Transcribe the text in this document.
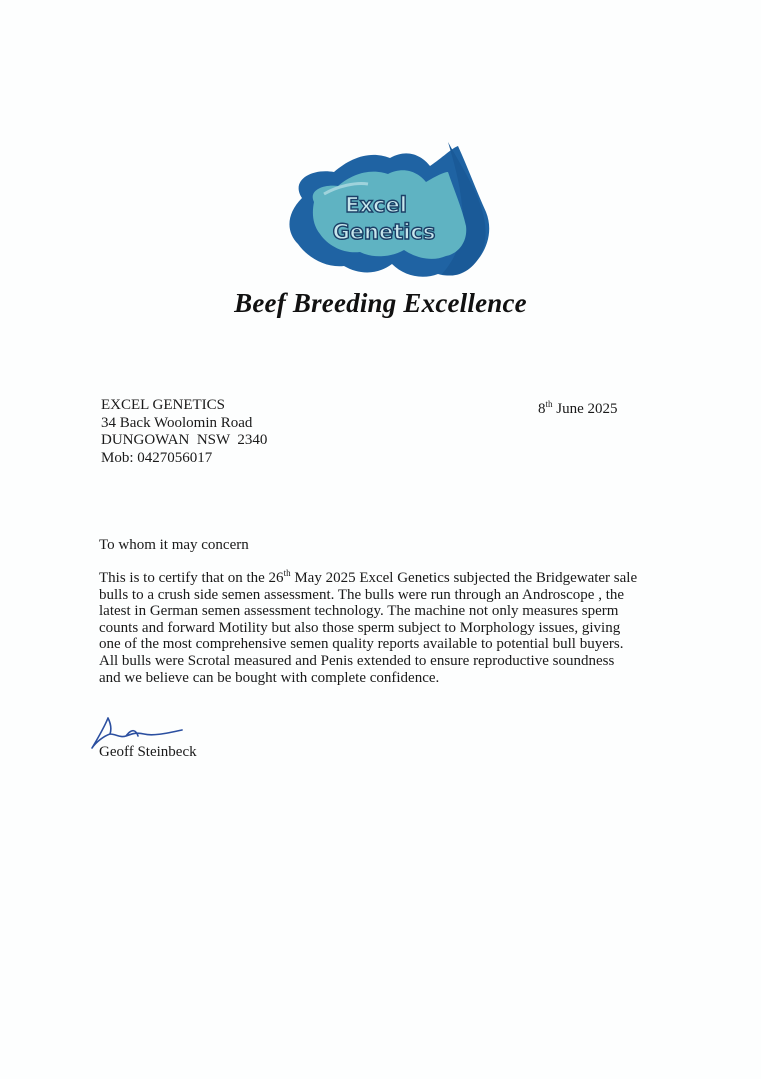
Excel
Genetics
Beef Breeding Excellence
EXCEL GENETICS
34 Back Woolomin Road
DUNGOWAN  NSW  2340
Mob: 0427056017
8th June 2025
To whom it may concern
This is to certify that on the 26th May 2025 Excel Genetics subjected the Bridgewater sale
bulls to a crush side semen assessment. The bulls were run through an Androscope , the
latest in German semen assessment technology. The machine not only measures sperm
counts and forward Motility but also those sperm subject to Morphology issues, giving
one of the most comprehensive semen quality reports available to potential bull buyers.
All bulls were Scrotal measured and Penis extended to ensure reproductive soundness
and we believe can be bought with complete confidence.
Geoff Steinbeck
